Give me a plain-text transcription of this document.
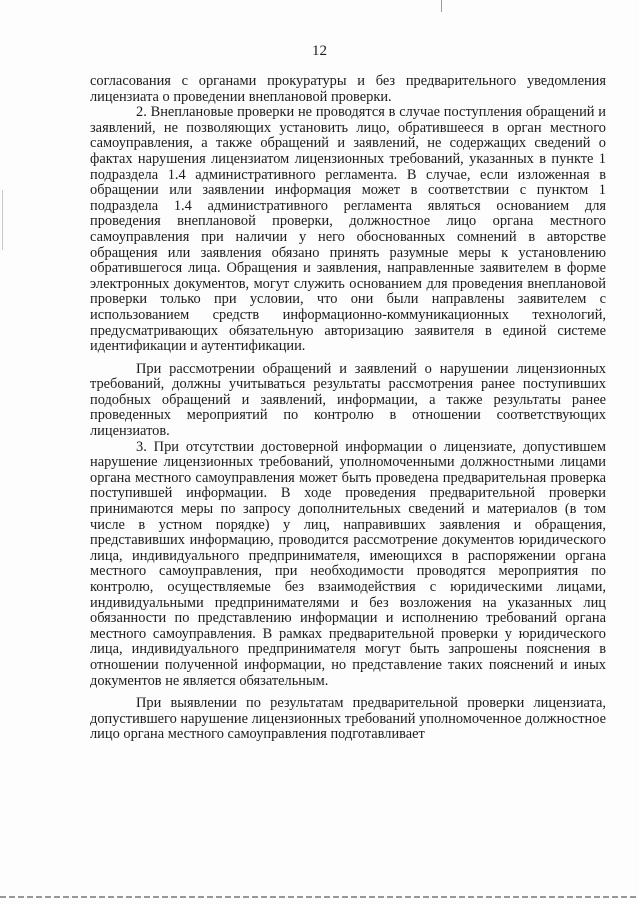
12

согласования с органами прокуратуры и без предварительного уведомления лицензиата о проведении внеплановой проверки.

2. Внеплановые проверки не проводятся в случае поступления обращений и заявлений, не позволяющих установить лицо, обратившееся в орган местного самоуправления, а также обращений и заявлений, не содержащих сведений о фактах нарушения лицензиатом лицензионных требований, указанных в пункте 1 подраздела 1.4 административного регламента. В случае, если изложенная в обращении или заявлении информация может в соответствии с пунктом 1 подраздела 1.4 административного регламента являться основанием для проведения внеплановой проверки, должностное лицо органа местного самоуправления при наличии у него обоснованных сомнений в авторстве обращения или заявления обязано принять разумные меры к установлению обратившегося лица. Обращения и заявления, направленные заявителем в форме электронных документов, могут служить основанием для проведения внеплановой проверки только при условии, что они были направлены заявителем с использованием средств информационно-коммуникационных технологий, предусматривающих обязательную авторизацию заявителя в единой системе идентификации и аутентификации.

При рассмотрении обращений и заявлений о нарушении лицензионных требований, должны учитываться результаты рассмотрения ранее поступивших подобных обращений и заявлений, информации, а также результаты ранее проведенных мероприятий по контролю в отношении соответствующих лицензиатов.

3. При отсутствии достоверной информации о лицензиате, допустившем нарушение лицензионных требований, уполномоченными должностными лицами органа местного самоуправления может быть проведена предварительная проверка поступившей информации. В ходе проведения предварительной проверки принимаются меры по запросу дополнительных сведений и материалов (в том числе в устном порядке) у лиц, направивших заявления и обращения, представивших информацию, проводится рассмотрение документов юридического лица, индивидуального предпринимателя, имеющихся в распоряжении органа местного самоуправления, при необходимости проводятся мероприятия по контролю, осуществляемые без взаимодействия с юридическими лицами, индивидуальными предпринимателями и без возложения на указанных лиц обязанности по представлению информации и исполнению требований органа местного самоуправления. В рамках предварительной проверки у юридического лица, индивидуального предпринимателя могут быть запрошены пояснения в отношении полученной информации, но представление таких пояснений и иных документов не является обязательным.

При выявлении по результатам предварительной проверки лицензиата, допустившего нарушение лицензионных требований уполномоченное должностное лицо органа местного самоуправления подготавливает
